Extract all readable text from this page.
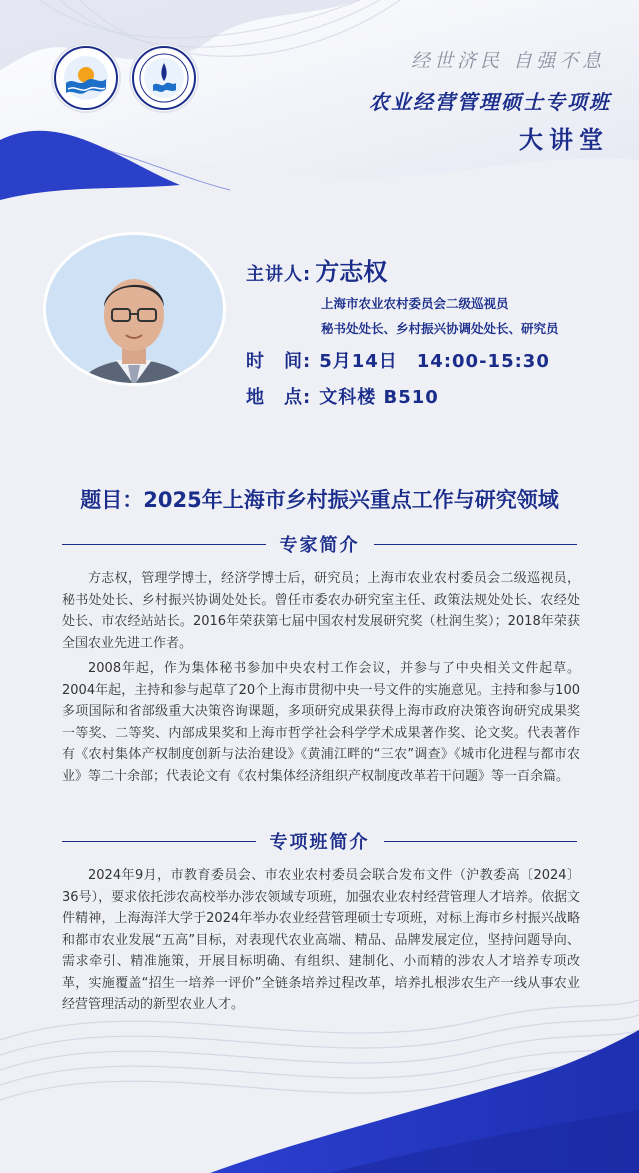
经世济民 自强不息
农业经营管理硕士专项班
大讲堂
主讲人: 方志权
上海市农业农村委员会二级巡视员
秘书处处长、乡村振兴协调处处长、研究员
时　间: 5月14日　14:00-15:30
地　点: 文科楼 B510
题目：2025年上海市乡村振兴重点工作与研究领域
专家简介

方志权，管理学博士，经济学博士后，研究员；上海市农业农村委员会二级巡视员，秘书处处长、乡村振兴协调处处长。曾任市委农办研究室主任、政策法规处处长、农经处处长、市农经站站长。2016年荣获第七届中国农村发展研究奖（杜润生奖）；2018年荣获全国农业先进工作者。

2008年起，作为集体秘书参加中央农村工作会议，并参与了中央相关文件起草。2004年起，主持和参与起草了20个上海市贯彻中央一号文件的实施意见。主持和参与100多项国际和省部级重大决策咨询课题，多项研究成果获得上海市政府决策咨询研究成果奖一等奖、二等奖、内部成果奖和上海市哲学社会科学学术成果著作奖、论文奖。代表著作有《农村集体产权制度创新与法治建设》《黄浦江畔的“三农”调查》《城市化进程与都市农业》等二十余部；代表论文有《农村集体经济组织产权制度改革若干问题》等一百余篇。

专项班简介

2024年9月，市教育委员会、市农业农村委员会联合发布文件（沪教委高〔2024〕36号），要求依托涉农高校举办涉农领域专项班，加强农业农村经营管理人才培养。依据文件精神，上海海洋大学于2024年举办农业经营管理硕士专项班，对标上海市乡村振兴战略和都市农业发展“五高”目标，对表现代农业高端、精品、品牌发展定位，坚持问题导向、需求牵引、精准施策，开展目标明确、有组织、建制化、小而精的涉农人才培养专项改革，实施覆盖“招生一培养一评价”全链条培养过程改革，培养扎根涉农生产一线从事农业经营管理活动的新型农业人才。
